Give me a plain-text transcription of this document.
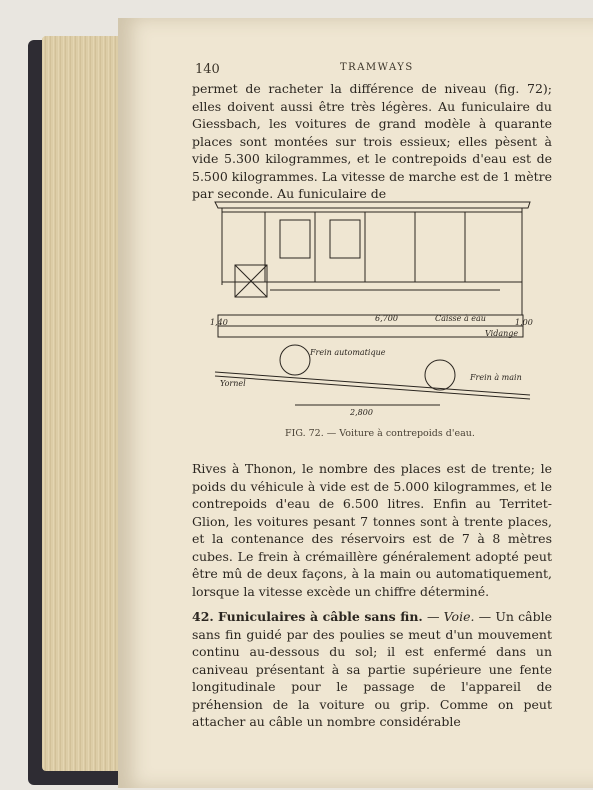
140	TRAMWAYS

permet de racheter la différence de niveau (fig. 72); elles doivent aussi être très légères. Au funiculaire du Giessbach, les voitures de grand modèle à quarante places sont montées sur trois essieux; elles pèsent à vide 5.300 kilogrammes, et le contrepoids d'eau est de 5.500 kilogrammes. La vitesse de marche est de 1 mètre par seconde. Au funiculaire de

6,700	Caisse à eau
Vidange
Frein automatique
Frein à main
2,800
1,40	1,00
Yornel
FIG. 72. — Voiture à contrepoids d'eau.

Rives à Thonon, le nombre des places est de trente; le poids du véhicule à vide est de 5.000 kilogrammes, et le contrepoids d'eau de 6.500 litres. Enfin au Territet-Glion, les voitures pesant 7 tonnes sont à trente places, et la contenance des réservoirs est de 7 à 8 mètres cubes. Le frein à crémaillère généralement adopté peut être mû de deux façons, à la main ou automatiquement, lorsque la vitesse excède un chiffre déterminé.

42. Funiculaires à câble sans fin. — Voie. — Un câble sans fin guidé par des poulies se meut d'un mouvement continu au-dessous du sol; il est enfermé dans un caniveau présentant à sa partie supérieure une fente longitudinale pour le passage de l'appareil de préhension de la voiture ou grip. Comme on peut attacher au câble un nombre considérable
